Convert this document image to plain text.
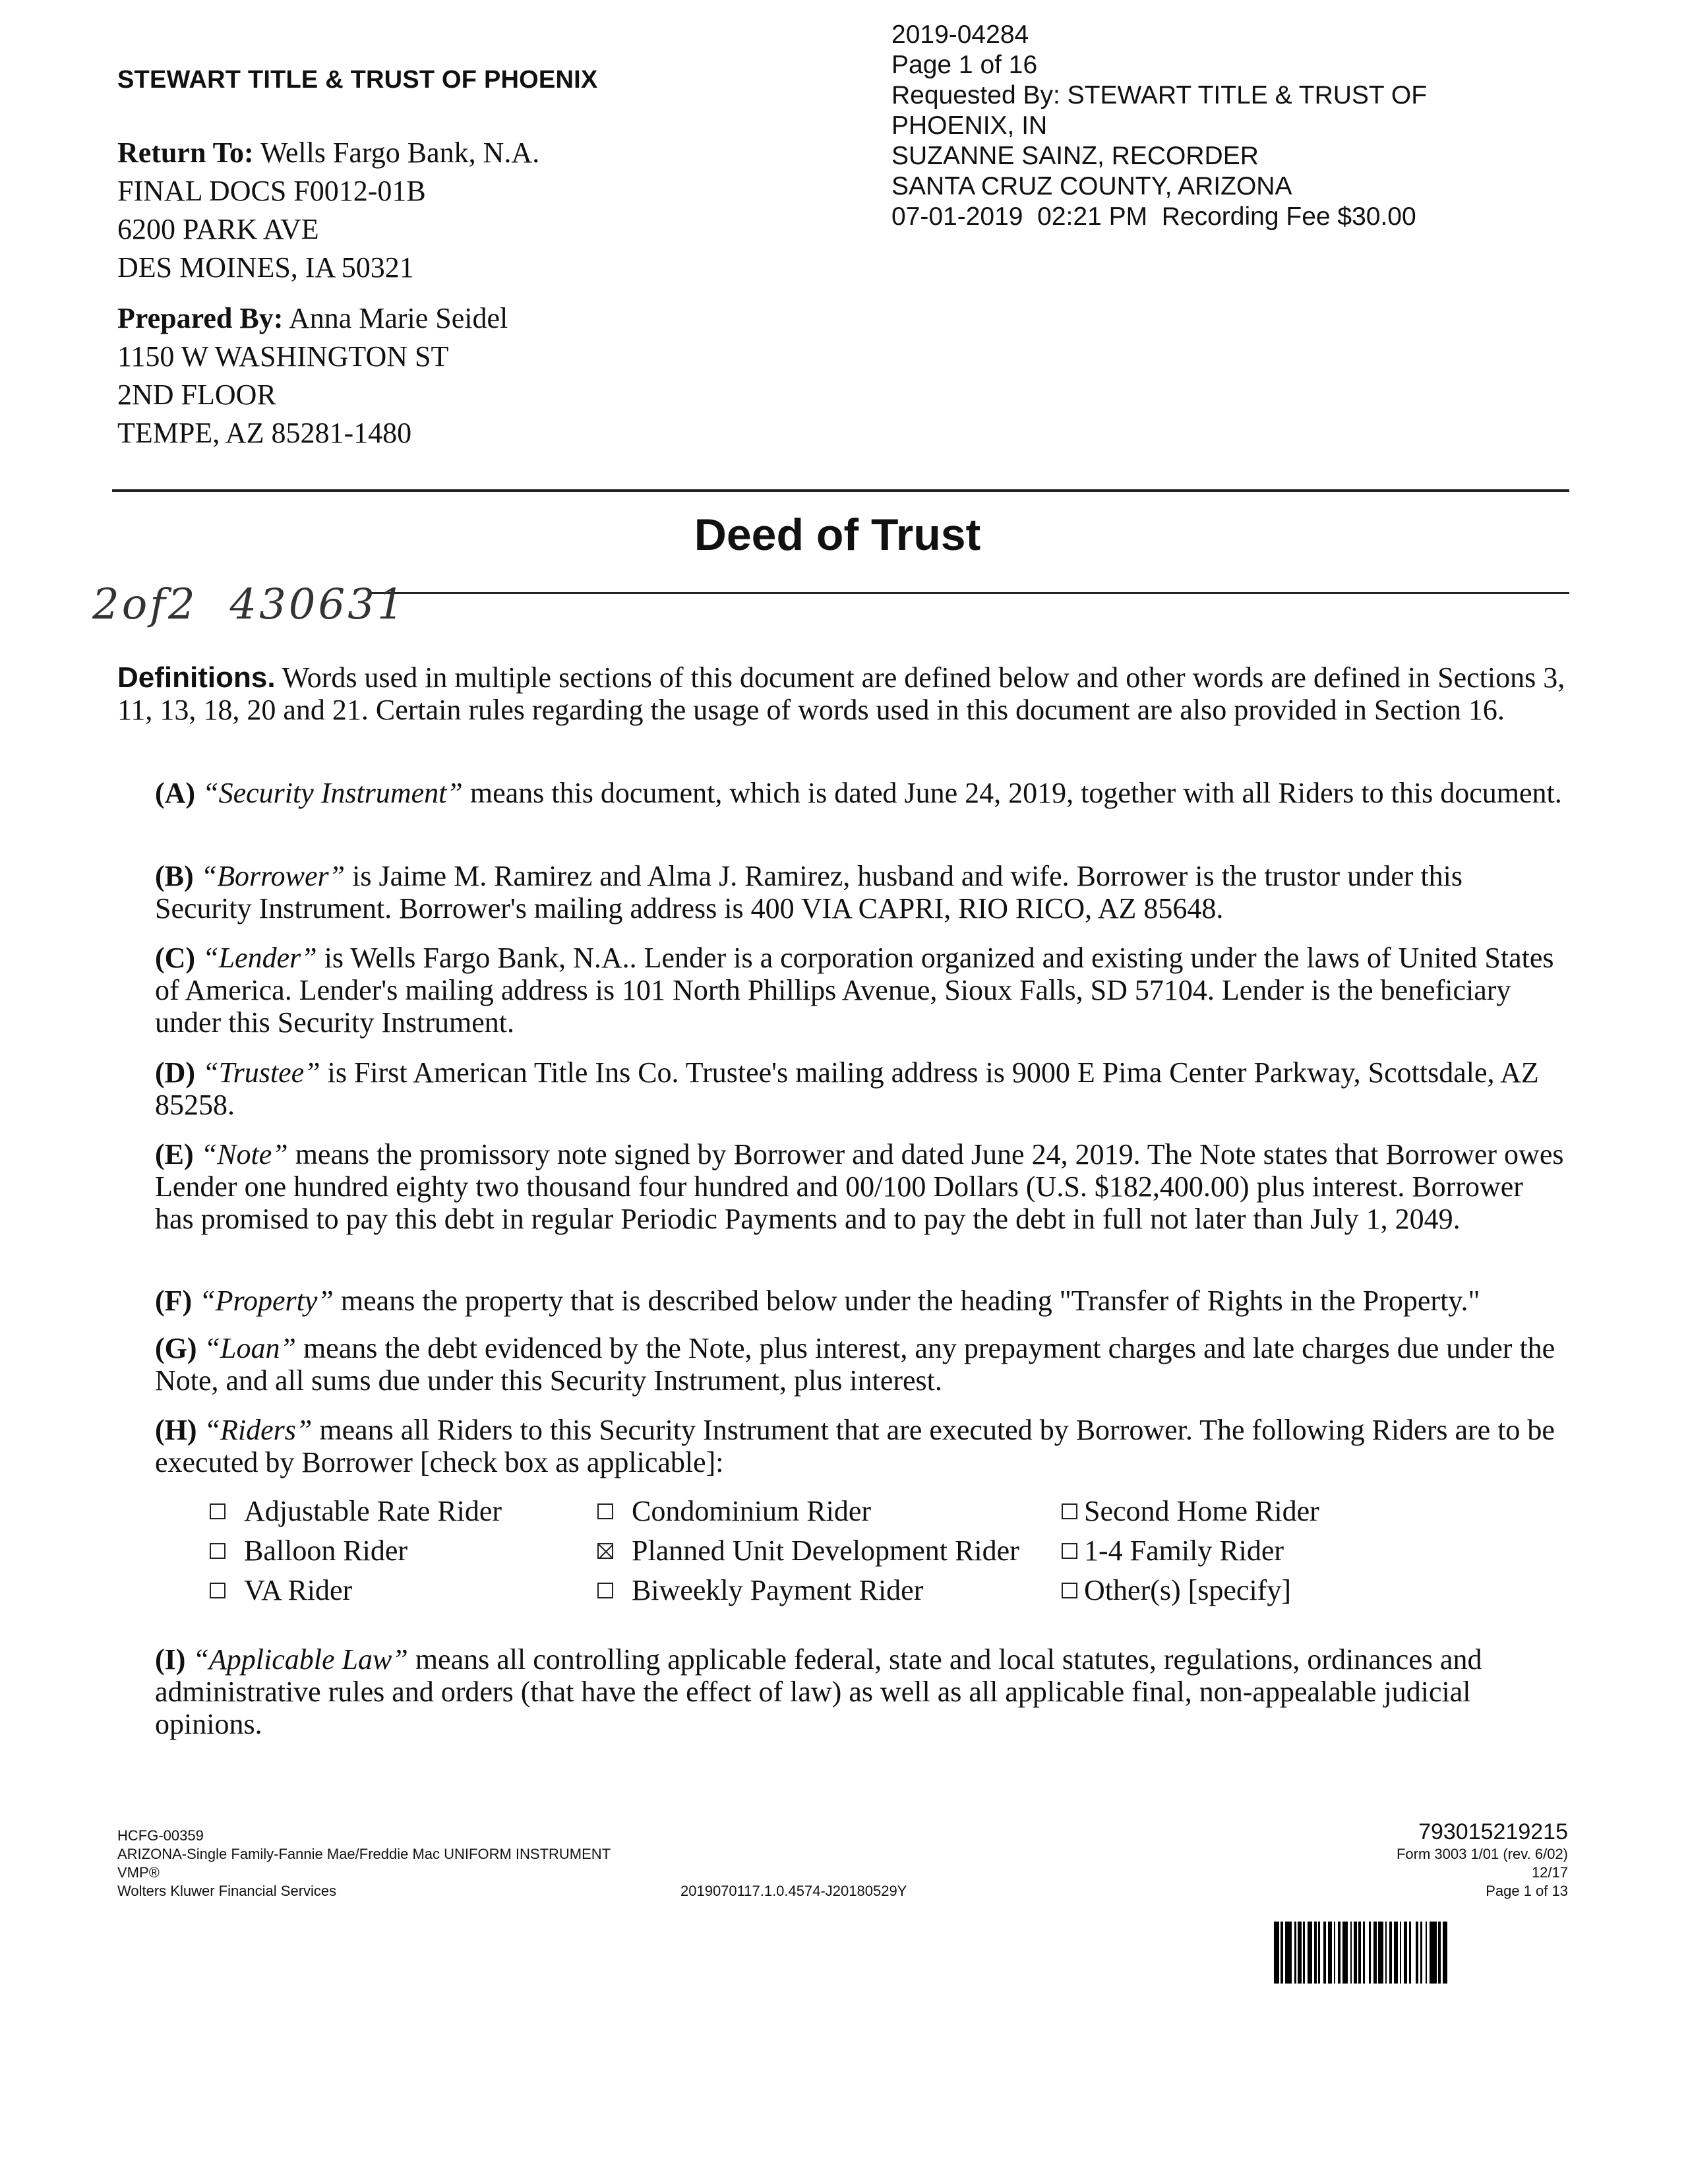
STEWART TITLE & TRUST OF PHOENIX
Return To: Wells Fargo Bank, N.A.
FINAL DOCS F0012-01B
6200 PARK AVE
DES MOINES, IA 50321
Prepared By: Anna Marie Seidel
1150 W WASHINGTON ST
2ND FLOOR
TEMPE, AZ 85281-1480
2019-04284
Page 1 of 16
Requested By: STEWART TITLE & TRUST OF
PHOENIX, IN
SUZANNE SAINZ, RECORDER
SANTA CRUZ COUNTY, ARIZONA
07-01-2019  02:21 PM  Recording Fee $30.00
Deed of Trust
2of2  430631
Definitions. Words used in multiple sections of this document are defined below and other words are defined in Sections 3, 11, 13, 18, 20 and 21. Certain rules regarding the usage of words used in this document are also provided in Section 16.
(A) “Security Instrument” means this document, which is dated June 24, 2019, together with all Riders to this document.
(B) “Borrower” is Jaime M. Ramirez and Alma J. Ramirez, husband and wife. Borrower is the trustor under this Security Instrument. Borrower's mailing address is 400 VIA CAPRI, RIO RICO, AZ 85648.
(C) “Lender” is Wells Fargo Bank, N.A.. Lender is a corporation organized and existing under the laws of United States of America. Lender's mailing address is 101 North Phillips Avenue, Sioux Falls, SD 57104. Lender is the beneficiary under this Security Instrument.
(D) “Trustee” is First American Title Ins Co. Trustee's mailing address is 9000 E Pima Center Parkway, Scottsdale, AZ 85258.
(E) “Note” means the promissory note signed by Borrower and dated June 24, 2019. The Note states that Borrower owes Lender one hundred eighty two thousand four hundred and 00/100 Dollars (U.S. $182,400.00) plus interest. Borrower has promised to pay this debt in regular Periodic Payments and to pay the debt in full not later than July 1, 2049.
(F) “Property” means the property that is described below under the heading "Transfer of Rights in the Property."
(G) “Loan” means the debt evidenced by the Note, plus interest, any prepayment charges and late charges due under the Note, and all sums due under this Security Instrument, plus interest.
(H) “Riders” means all Riders to this Security Instrument that are executed by Borrower. The following Riders are to be executed by Borrower [check box as applicable]:
Adjustable Rate Rider	Condominium Rider	Second Home Rider
Balloon Rider	Planned Unit Development Rider	1-4 Family Rider
VA Rider	Biweekly Payment Rider	Other(s) [specify]
(I) “Applicable Law” means all controlling applicable federal, state and local statutes, regulations, ordinances and administrative rules and orders (that have the effect of law) as well as all applicable final, non-appealable judicial opinions.
HCFG-00359
ARIZONA-Single Family-Fannie Mae/Freddie Mac UNIFORM INSTRUMENT
VMP®
Wolters Kluwer Financial Services	2019070117.1.0.4574-J20180529Y
793015219215
Form 3003 1/01 (rev. 6/02)
12/17
Page 1 of 13
